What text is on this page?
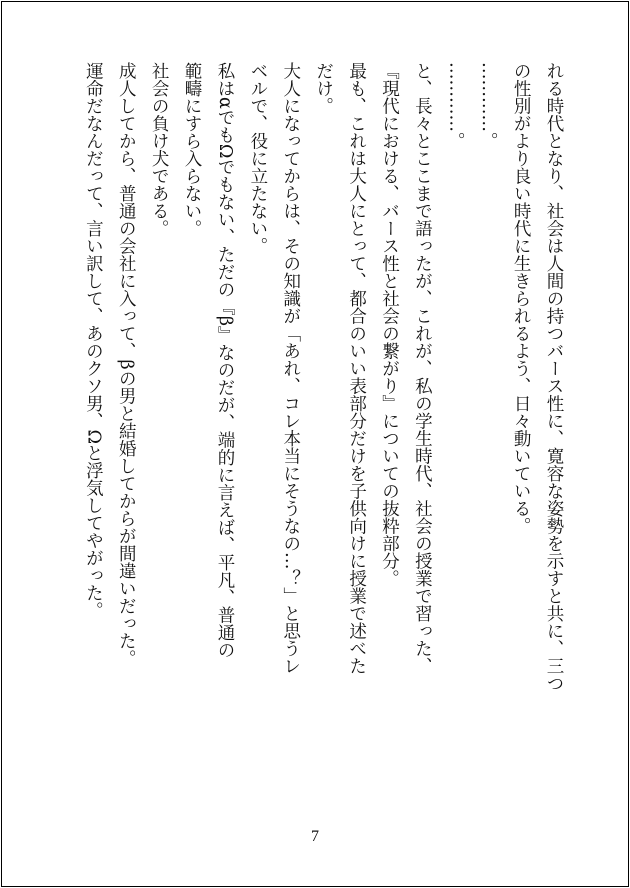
れる時代となり、社会は人間の持つバース性に、寛容な姿勢を示すと共に、三つ
の性別がより良い時代に生きられるよう、日々動いている。
…………。
…………。
と、長々とここまで語ったが、これが、私の学生時代、社会の授業で習った、
『現代における、バース性と社会の繋がり』についての抜粋部分。
最も、これは大人にとって、都合のいい表部分だけを子供向けに授業で述べた
だけ。
大人になってからは、その知識が「あれ、コレ本当にそうなの…？」と思うレ
ベルで、役に立たない。
私はαでもΩでもない、ただの『β』なのだが、端的に言えば、平凡、普通の
範疇にすら入らない。
社会の負け犬である。
成人してから、普通の会社に入って、βの男と結婚してからが間違いだった。
運命だなんだって、言い訳して、あのクソ男、Ωと浮気してやがった。
7
